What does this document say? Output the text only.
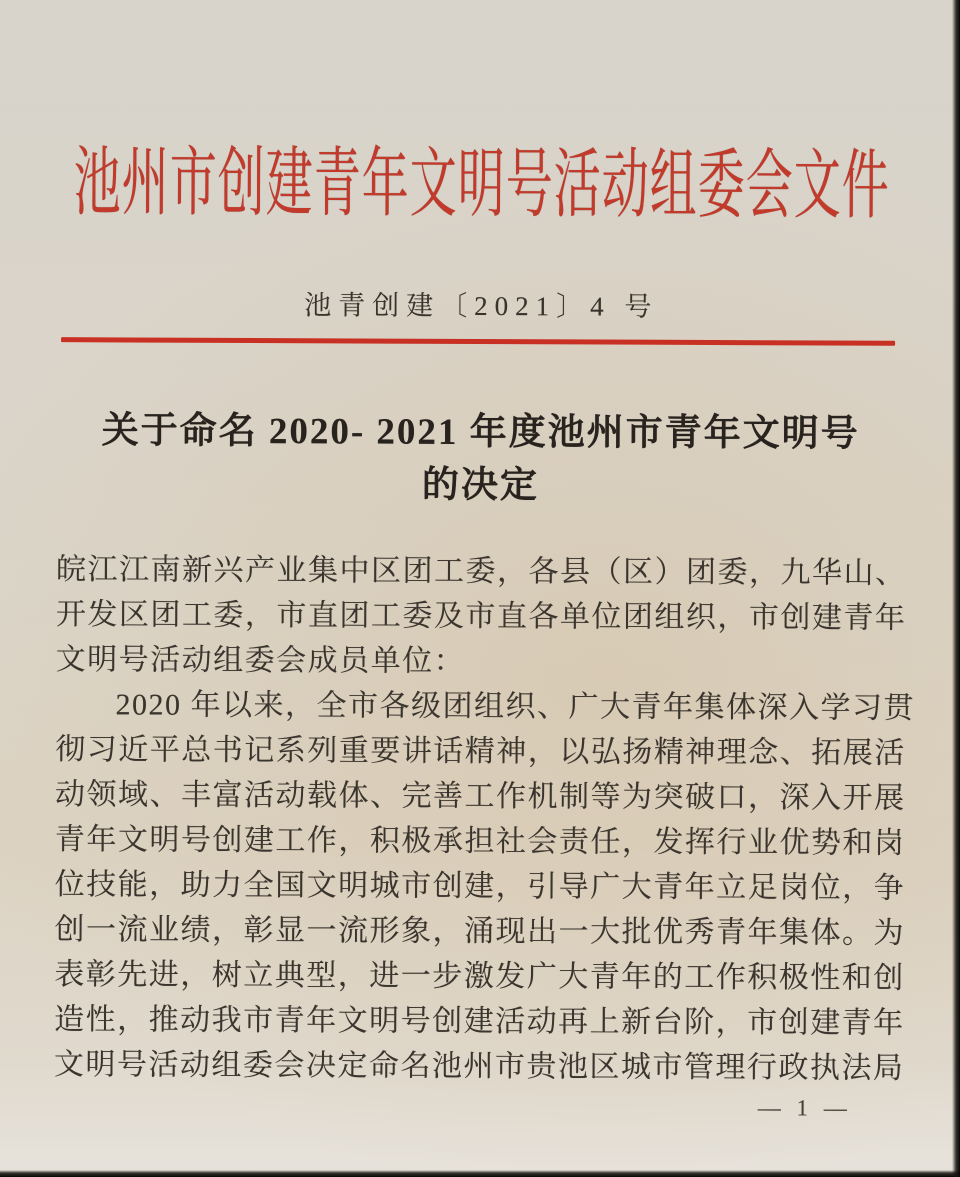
池州市创建青年文明号活动组委会文件
池青创建〔2021〕4 号
关于命名 2020- 2021 年度池州市青年文明号
的决定
皖江江南新兴产业集中区团工委，各县（区）团委，九华山、
开发区团工委，市直团工委及市直各单位团组织，市创建青年
文明号活动组委会成员单位：
2020 年以来，全市各级团组织、广大青年集体深入学习贯
彻习近平总书记系列重要讲话精神，以弘扬精神理念、拓展活
动领域、丰富活动载体、完善工作机制等为突破口，深入开展
青年文明号创建工作，积极承担社会责任，发挥行业优势和岗
位技能，助力全国文明城市创建，引导广大青年立足岗位，争
创一流业绩，彰显一流形象，涌现出一大批优秀青年集体。为
表彰先进，树立典型，进一步激发广大青年的工作积极性和创
造性，推动我市青年文明号创建活动再上新台阶，市创建青年
文明号活动组委会决定命名池州市贵池区城市管理行政执法局
— 1 —
